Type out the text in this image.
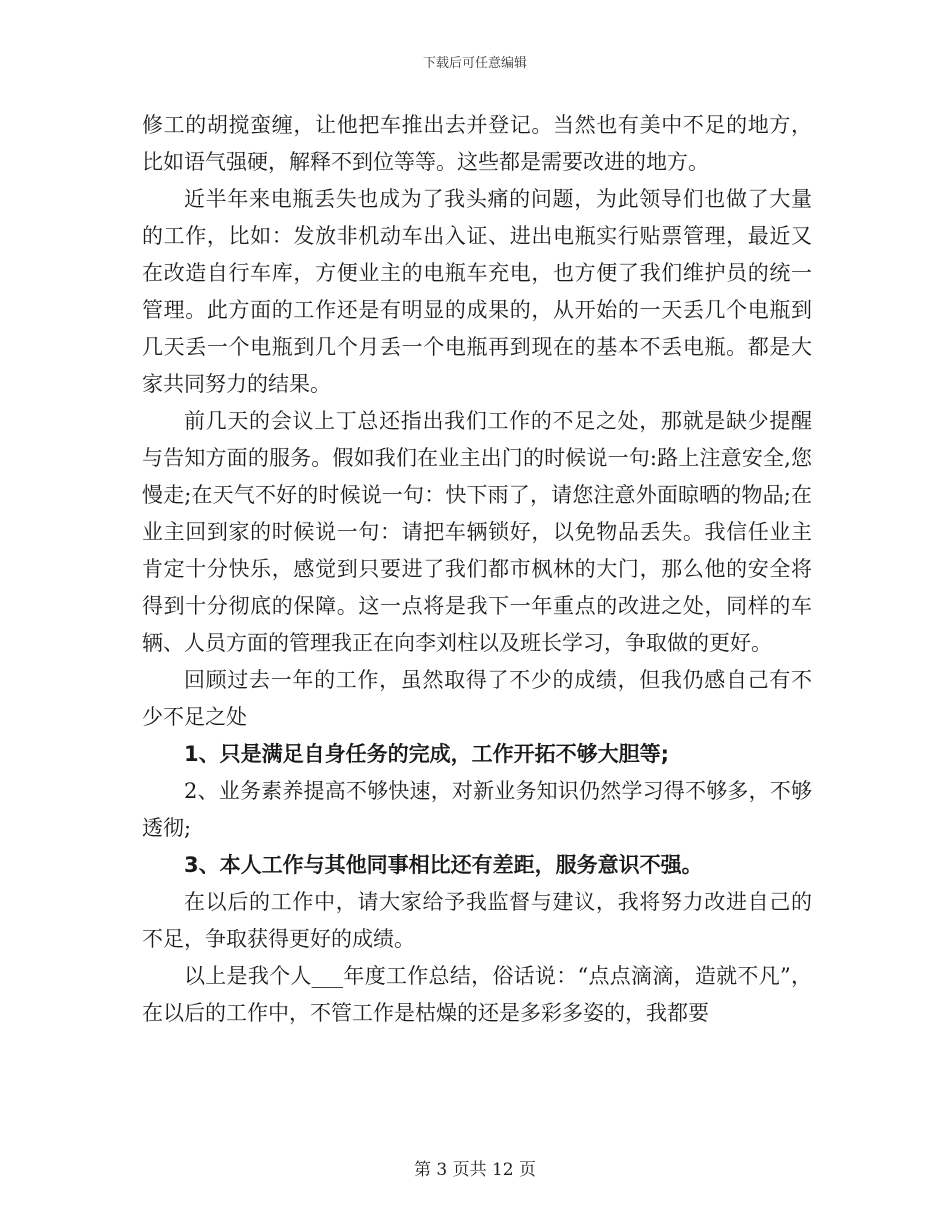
下载后可任意编辑

修工的胡搅蛮缠，让他把车推出去并登记。当然也有美中不足的地方，比如语气强硬，解释不到位等等。这些都是需要改进的地方。

近半年来电瓶丢失也成为了我头痛的问题，为此领导们也做了大量的工作，比如：发放非机动车出入证、进出电瓶实行贴票管理，最近又在改造自行车库，方便业主的电瓶车充电，也方便了我们维护员的统一管理。此方面的工作还是有明显的成果的，从开始的一天丢几个电瓶到几天丢一个电瓶到几个月丢一个电瓶再到现在的基本不丢电瓶。都是大家共同努力的结果。

前几天的会议上丁总还指出我们工作的不足之处，那就是缺少提醒与告知方面的服务。假如我们在业主出门的时候说一句:路上注意安全,您慢走;在天气不好的时候说一句：快下雨了，请您注意外面晾晒的物品;在业主回到家的时候说一句：请把车辆锁好，以免物品丢失。我信任业主肯定十分快乐，感觉到只要进了我们都市枫林的大门，那么他的安全将得到十分彻底的保障。这一点将是我下一年重点的改进之处，同样的车辆、人员方面的管理我正在向李刘柱以及班长学习，争取做的更好。

回顾过去一年的工作，虽然取得了不少的成绩，但我仍感自己有不少不足之处

1、只是满足自身任务的完成，工作开拓不够大胆等;

2、业务素养提高不够快速，对新业务知识仍然学习得不够多，不够透彻;

3、本人工作与其他同事相比还有差距，服务意识不强。

在以后的工作中，请大家给予我监督与建议，我将努力改进自己的不足，争取获得更好的成绩。

以上是我个人___年度工作总结，俗话说：“点点滴滴，造就不凡”，在以后的工作中，不管工作是枯燥的还是多彩多姿的，我都要

第 3 页共 12 页
